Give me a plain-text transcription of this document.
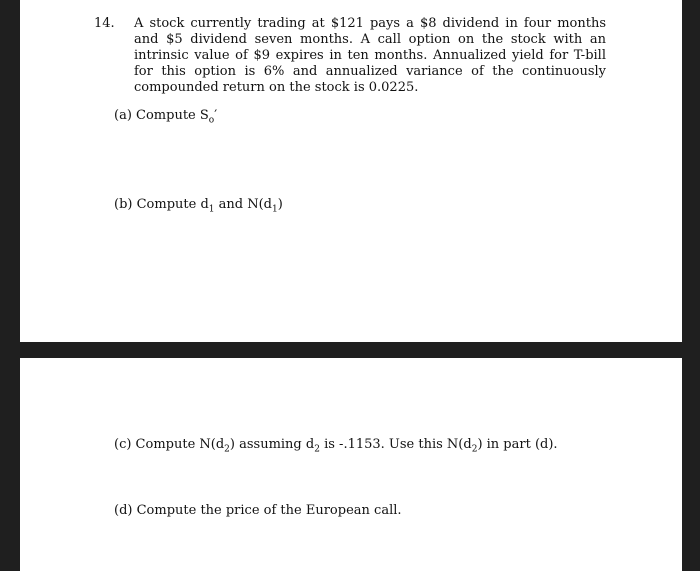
14. A stock currently trading at $121 pays a $8 dividend in four months and $5 dividend seven months. A call option on the stock with an intrinsic value of $9 expires in ten months. Annualized yield for T-bill for this option is 6% and annualized variance of the continuously compounded return on the stock is 0.0225.

(a) Compute $S_o'$

(b) Compute $d_1$ and $N(d_1)$

(c) Compute $N(d_2)$ assuming $d_2$ is -.1153. Use this $N(d_2)$ in part (d).

(d) Compute the price of the European call.
